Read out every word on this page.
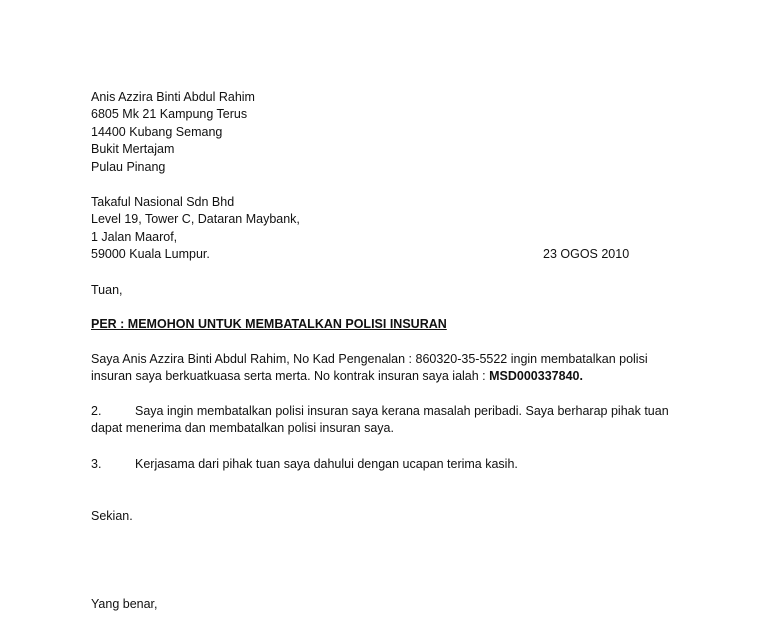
Anis Azzira Binti Abdul Rahim
6805 Mk 21 Kampung Terus
14400 Kubang Semang
Bukit Mertajam
Pulau Pinang
Takaful Nasional Sdn Bhd
Level 19, Tower C, Dataran Maybank,
1 Jalan Maarof,
59000 Kuala Lumpur.	23 OGOS 2010
Tuan,
PER : MEMOHON UNTUK MEMBATALKAN POLISI INSURAN
Saya Anis Azzira Binti Abdul Rahim, No Kad Pengenalan : 860320-35-5522 ingin membatalkan polisi insuran saya berkuatkuasa serta merta. No kontrak insuran saya ialah : MSD000337840.
2.	Saya ingin membatalkan polisi insuran saya kerana masalah peribadi. Saya berharap pihak tuan dapat menerima dan membatalkan polisi insuran saya.
3.	Kerjasama dari pihak tuan saya dahului dengan ucapan terima kasih.
Sekian.
Yang benar,
